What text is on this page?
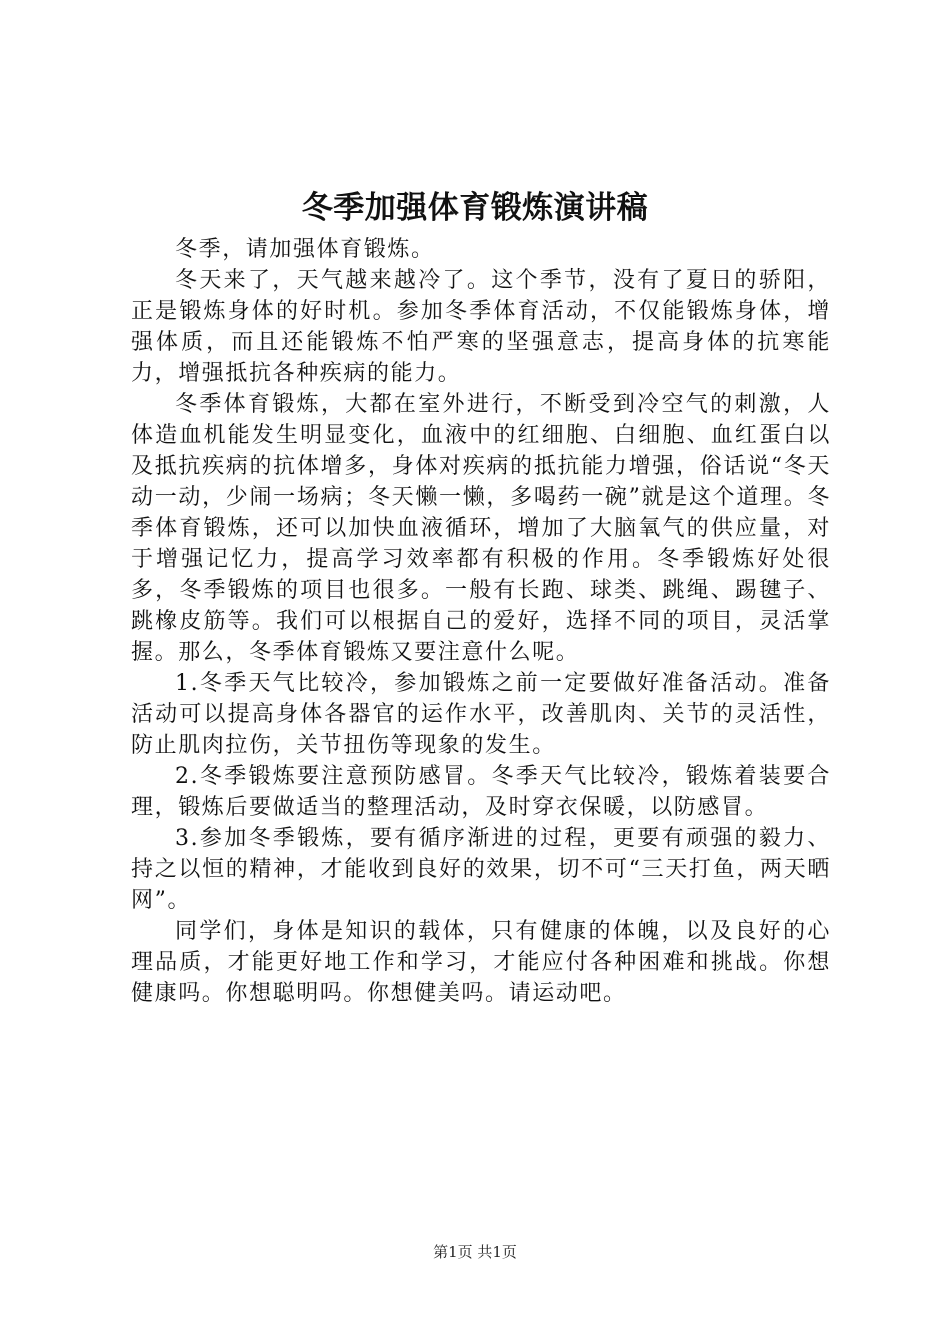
冬季加强体育锻炼演讲稿

冬季，请加强体育锻炼。

冬天来了，天气越来越冷了。这个季节，没有了夏日的骄阳，正是锻炼身体的好时机。参加冬季体育活动，不仅能锻炼身体，增强体质，而且还能锻炼不怕严寒的坚强意志，提高身体的抗寒能力，增强抵抗各种疾病的能力。

冬季体育锻炼，大都在室外进行，不断受到冷空气的刺激，人体造血机能发生明显变化，血液中的红细胞、白细胞、血红蛋白以及抵抗疾病的抗体增多，身体对疾病的抵抗能力增强，俗话说“冬天动一动，少闹一场病；冬天懒一懒，多喝药一碗”就是这个道理。冬季体育锻炼，还可以加快血液循环，增加了大脑氧气的供应量，对于增强记忆力，提高学习效率都有积极的作用。冬季锻炼好处很多，冬季锻炼的项目也很多。一般有长跑、球类、跳绳、踢毽子、跳橡皮筋等。我们可以根据自己的爱好，选择不同的项目，灵活掌握。那么，冬季体育锻炼又要注意什么呢。

1.冬季天气比较冷，参加锻炼之前一定要做好准备活动。准备活动可以提高身体各器官的运作水平，改善肌肉、关节的灵活性，防止肌肉拉伤，关节扭伤等现象的发生。

2.冬季锻炼要注意预防感冒。冬季天气比较冷，锻炼着装要合理，锻炼后要做适当的整理活动，及时穿衣保暖，以防感冒。

3.参加冬季锻炼，要有循序渐进的过程，更要有顽强的毅力、持之以恒的精神，才能收到良好的效果，切不可“三天打鱼，两天晒网”。

同学们，身体是知识的载体，只有健康的体魄，以及良好的心理品质，才能更好地工作和学习，才能应付各种困难和挑战。你想健康吗。你想聪明吗。你想健美吗。请运动吧。

第1页 共1页
